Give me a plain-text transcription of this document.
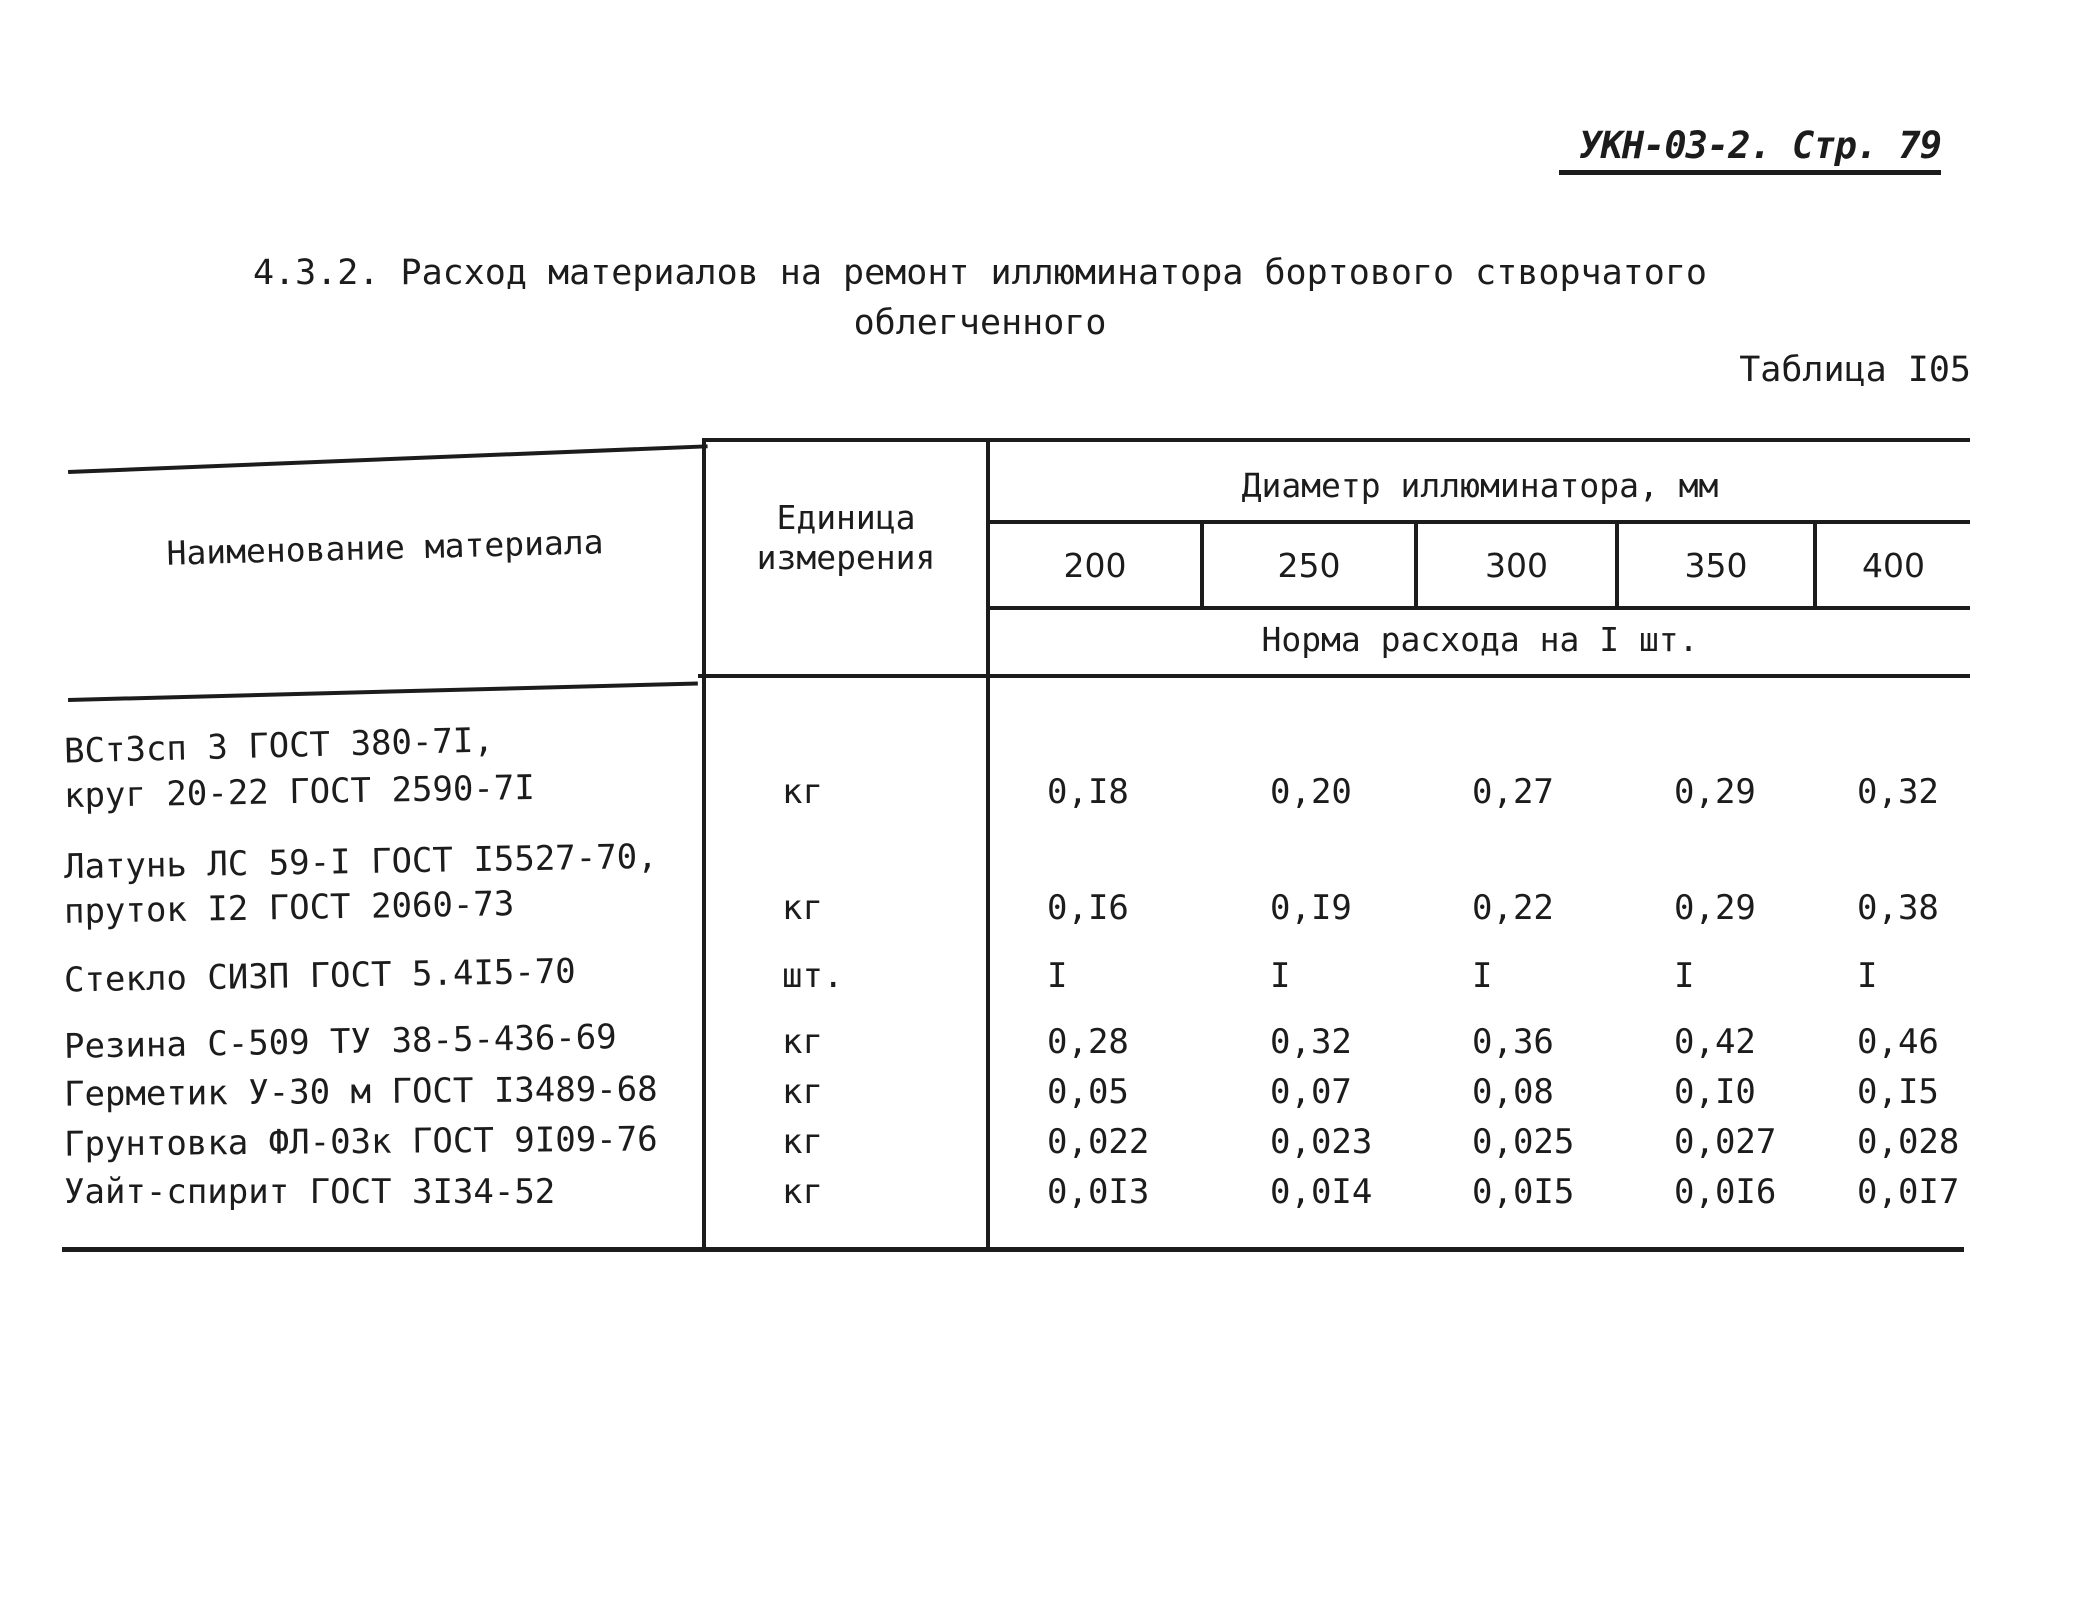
УКН-03-2. Стр. 79
4.3.2. Расход материалов на ремонт иллюминатора бортового створчатого
облегченного
Таблица I05
Наименование материала
Единица
измерения
Диаметр иллюминатора, мм
200	250	300	350	400
Норма расхода на I шт.
ВСт3сп 3 ГОСТ 380-7I,
круг 20-22 ГОСТ 2590-7I	кг	0,I8	0,20	0,27	0,29	0,32
Латунь ЛС 59-I ГОСТ I5527-70,
пруток I2 ГОСТ 2060-73	кг	0,I6	0,I9	0,22	0,29	0,38
Стекло СИЗП ГОСТ 5.4I5-70	шт.	I	I	I	I	I
Резина С-509 ТУ 38-5-436-69	кг	0,28	0,32	0,36	0,42	0,46
Герметик У-30 м ГОСТ I3489-68	кг	0,05	0,07	0,08	0,I0	0,I5
Грунтовка ФЛ-03к ГОСТ 9I09-76	кг	0,022	0,023	0,025	0,027 0,028
Уайт-спирит ГОСТ 3I34-52	кг	0,0I3	0,0I4	0,0I5	0,0I6 0,0I7
